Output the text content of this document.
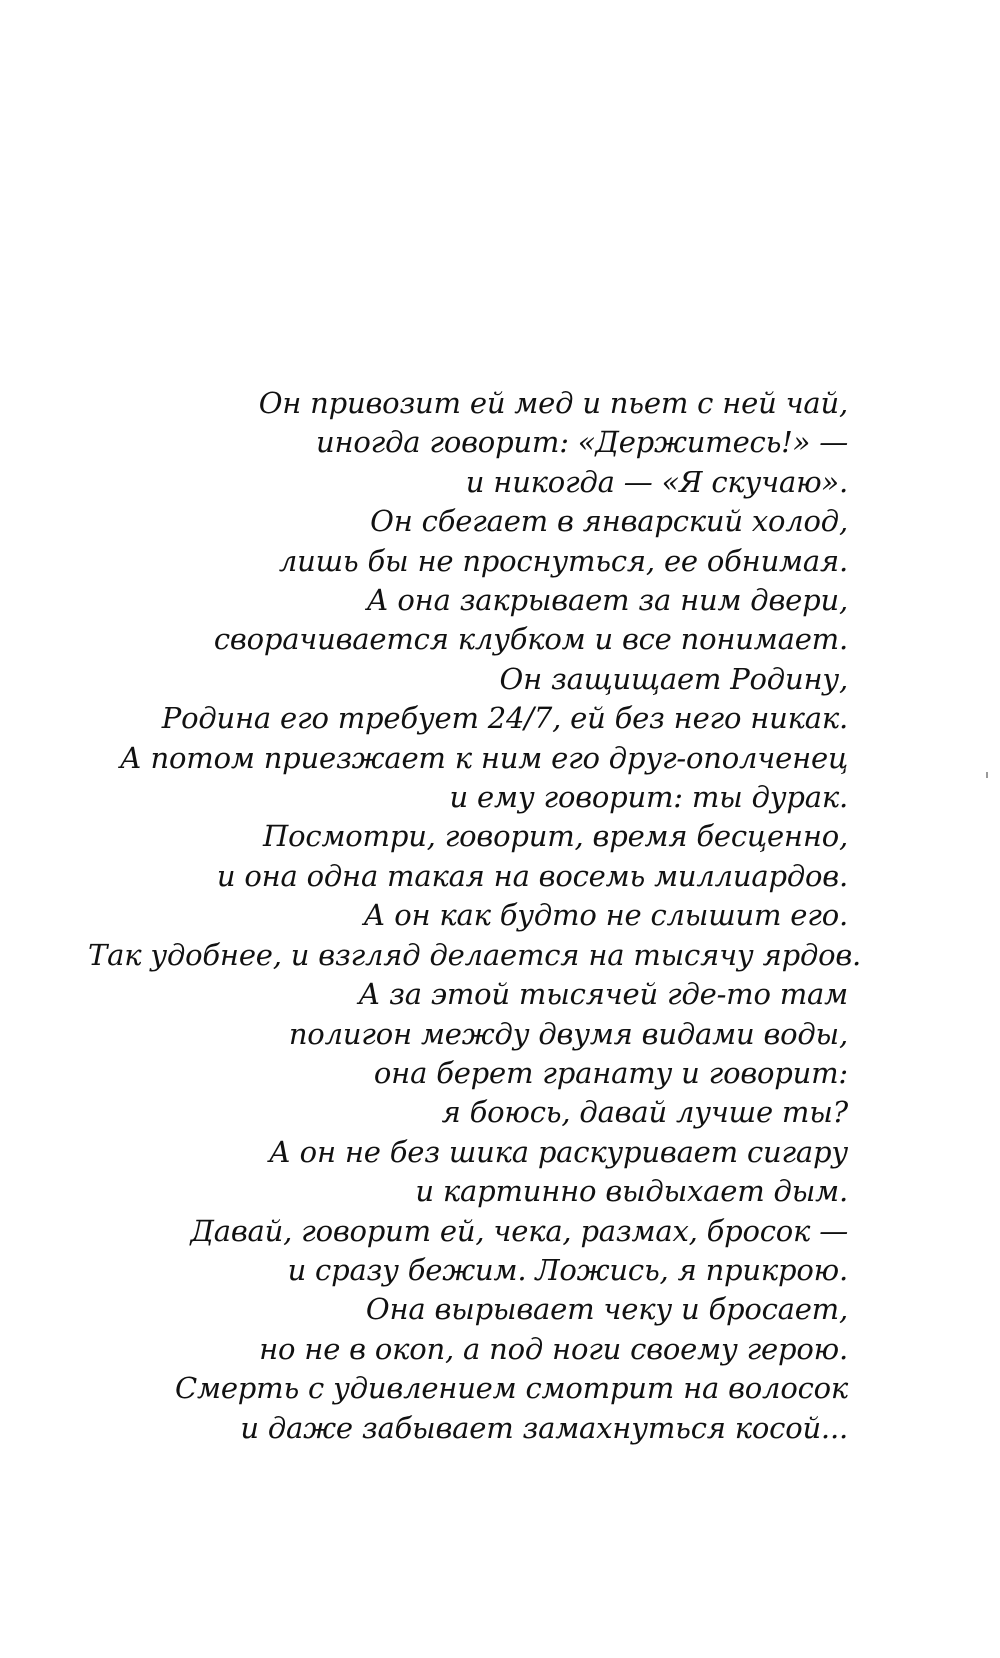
Он привозит ей мед и пьет с ней чай,
иногда говорит: «Держитесь!» —
и никогда — «Я скучаю».
Он сбегает в январский холод,
лишь бы не проснуться, ее обнимая.
А она закрывает за ним двери,
сворачивается клубком и все понимает.
Он защищает Родину,
Родина его требует 24/7, ей без него никак.
А потом приезжает к ним его друг-ополченец
и ему говорит: ты дурак.
Посмотри, говорит, время бесценно,
и она одна такая на восемь миллиардов.
А он как будто не слышит его.
Так удобнее, и взгляд делается на тысячу ярдов.
А за этой тысячей где-то там
полигон между двумя видами воды,
она берет гранату и говорит:
я боюсь, давай лучше ты?
А он не без шика раскуривает сигару
и картинно выдыхает дым.
Давай, говорит ей, чека, размах, бросок —
и сразу бежим. Ложись, я прикрою.
Она вырывает чеку и бросает,
но не в окоп, а под ноги своему герою.
Смерть с удивлением смотрит на волосок
и даже забывает замахнуться косой...
